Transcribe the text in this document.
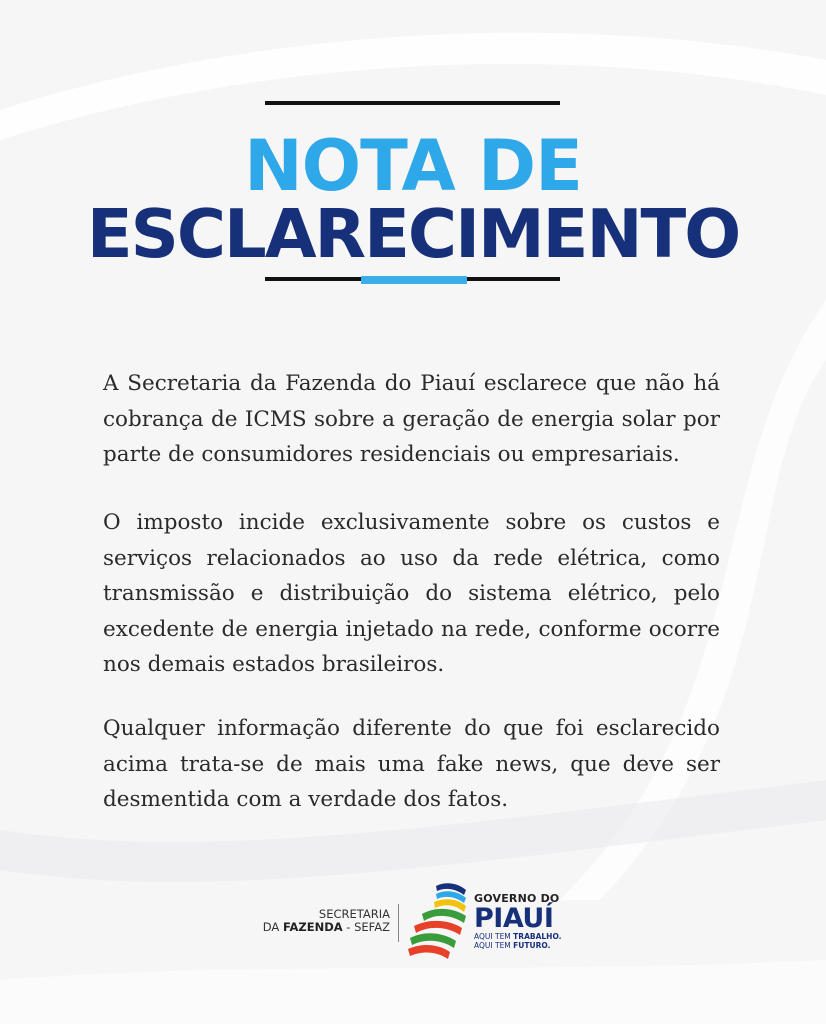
NOTA DE
ESCLARECIMENTO

A Secretaria da Fazenda do Piauí esclarece que não há cobrança de ICMS sobre a geração de energia solar por parte de consumidores residenciais ou empresariais.

O imposto incide exclusivamente sobre os custos e serviços relacionados ao uso da rede elétrica, como transmissão e distribuição do sistema elétrico, pelo excedente de energia injetado na rede, conforme ocorre nos demais estados brasileiros.

Qualquer informação diferente do que foi esclarecido acima trata-se de mais uma fake news, que deve ser desmentida com a verdade dos fatos.

SECRETARIA
DA FAZENDA - SEFAZ
GOVERNO DO
PIAUÍ
AQUI TEM TRABALHO.
AQUI TEM FUTURO.
